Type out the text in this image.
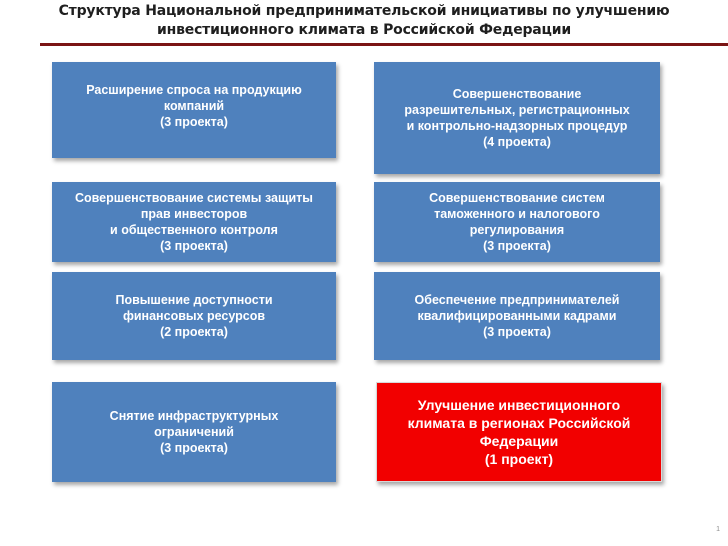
Структура Национальной предпринимательской инициативы по улучшению
инвестиционного климата в Российской Федерации
Расширение спроса на продукцию
компаний
(3 проекта)
Совершенствование
разрешительных, регистрационных
и контрольно-надзорных процедур
(4 проекта)
Совершенствование системы защиты
прав инвесторов
и общественного контроля
(3 проекта)
Совершенствование систем
таможенного и налогового
регулирования
(3 проекта)
Повышение доступности
финансовых ресурсов
(2 проекта)
Обеспечение предпринимателей
квалифицированными кадрами
(3 проекта)
Снятие инфраструктурных
ограничений
(3 проекта)
Улучшение инвестиционного
климата в регионах Российской
Федерации
(1 проект)
1
